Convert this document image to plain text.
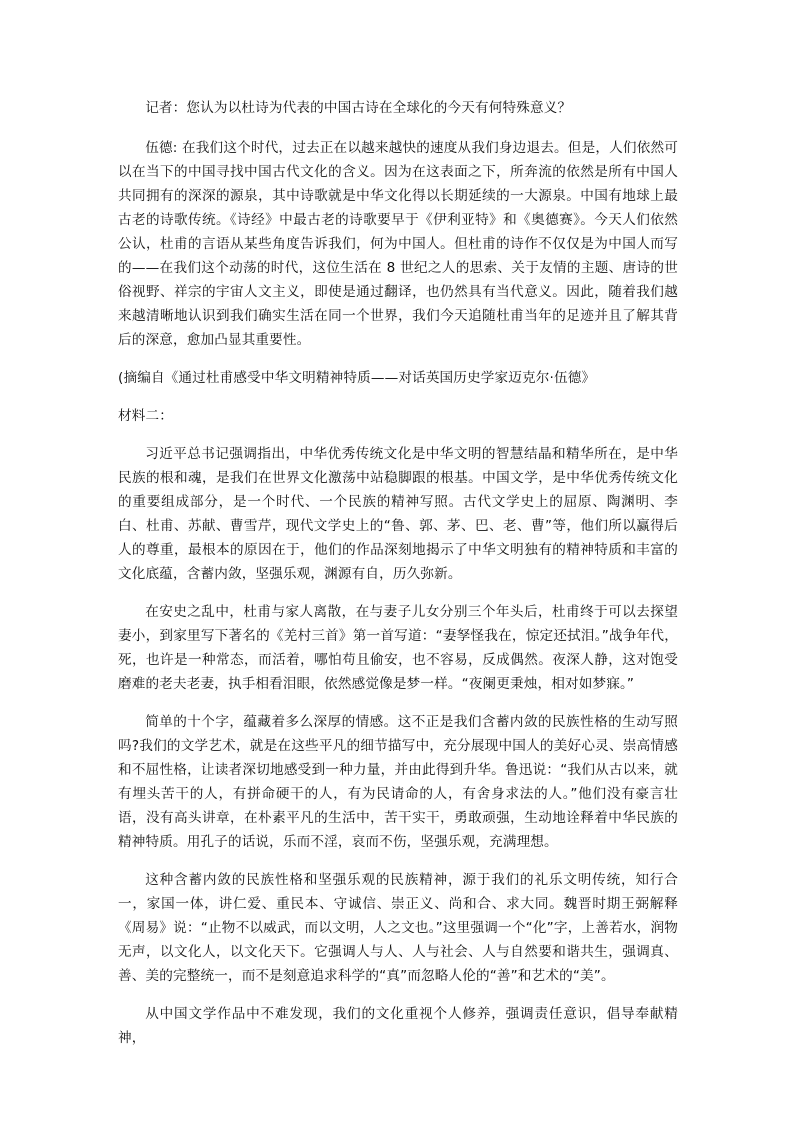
记者：您认为以杜诗为代表的中国古诗在全球化的今天有何特殊意义？

伍德: 在我们这个时代，过去正在以越来越快的速度从我们身边退去。但是，人们依然可以在当下的中国寻找中国古代文化的含义。因为在这表面之下，所奔流的依然是所有中国人共同拥有的深深的源泉，其中诗歌就是中华文化得以长期延续的一大源泉。中国有地球上最古老的诗歌传统。《诗经》中最古老的诗歌要早于《伊利亚特》和《奥德赛》。今天人们依然公认，杜甫的言语从某些角度告诉我们，何为中国人。但杜甫的诗作不仅仅是为中国人而写的——在我们这个动荡的时代，这位生活在 8 世纪之人的思索、关于友情的主题、唐诗的世俗视野、祥宗的宇宙人文主义，即使是通过翻译，也仍然具有当代意义。因此，随着我们越来越清晰地认识到我们确实生活在同一个世界，我们今天追随杜甫当年的足迹并且了解其背后的深意，愈加凸显其重要性。

(摘编自《通过杜甫感受中华文明精神特质——对话英国历史学家迈克尔·伍德》

材料二：

习近平总书记强调指出，中华优秀传统文化是中华文明的智慧结晶和精华所在，是中华民族的根和魂，是我们在世界文化激荡中站稳脚跟的根基。中国文学，是中华优秀传统文化的重要组成部分，是一个时代、一个民族的精神写照。古代文学史上的屈原、陶渊明、李白、杜甫、苏献、曹雪芹，现代文学史上的“鲁、郭、茅、巴、老、曹”等，他们所以赢得后人的尊重，最根本的原因在于，他们的作品深刻地揭示了中华文明独有的精神特质和丰富的文化底蕴，含蓄内敛，坚强乐观，渊源有自，历久弥新。

在安史之乱中，杜甫与家人离散，在与妻子儿女分别三个年头后，杜甫终于可以去探望妻小，到家里写下著名的《羌村三首》第一首写道：“妻孥怪我在，惊定还拭泪。”战争年代，死，也许是一种常态，而活着，哪怕苟且偷安，也不容易，反成偶然。夜深人静，这对饱受磨难的老夫老妻，执手相看泪眼，依然感觉像是梦一样。“夜阑更秉烛，相对如梦寐。”

简单的十个字，蕴藏着多么深厚的情感。这不正是我们含蓄内敛的民族性格的生动写照吗?我们的文学艺术，就是在这些平凡的细节描写中，充分展现中国人的美好心灵、崇高情感和不屈性格，让读者深切地感受到一种力量，并由此得到升华。鲁迅说：“我们从古以来，就有埋头苦干的人，有拼命硬干的人，有为民请命的人，有舍身求法的人。”他们没有豪言壮语，没有高头讲章，在朴素平凡的生活中，苦干实干，勇敢顽强，生动地诠释着中华民族的精神特质。用孔子的话说，乐而不淫，哀而不伤，坚强乐观，充满理想。

这种含蓄内敛的民族性格和坚强乐观的民族精神，源于我们的礼乐文明传统，知行合一，家国一体，讲仁爱、重民本、守诚信、崇正义、尚和合、求大同。魏晋时期王弼解释《周易》说：“止物不以威武，而以文明，人之文也。”这里强调一个“化”字，上善若水，润物无声，以文化人，以文化天下。它强调人与人、人与社会、人与自然要和谐共生，强调真、善、美的完整统一，而不是刻意追求科学的“真”而忽略人伦的“善”和艺术的“美”。

从中国文学作品中不难发现，我们的文化重视个人修养，强调责任意识，倡导奉献精神，
